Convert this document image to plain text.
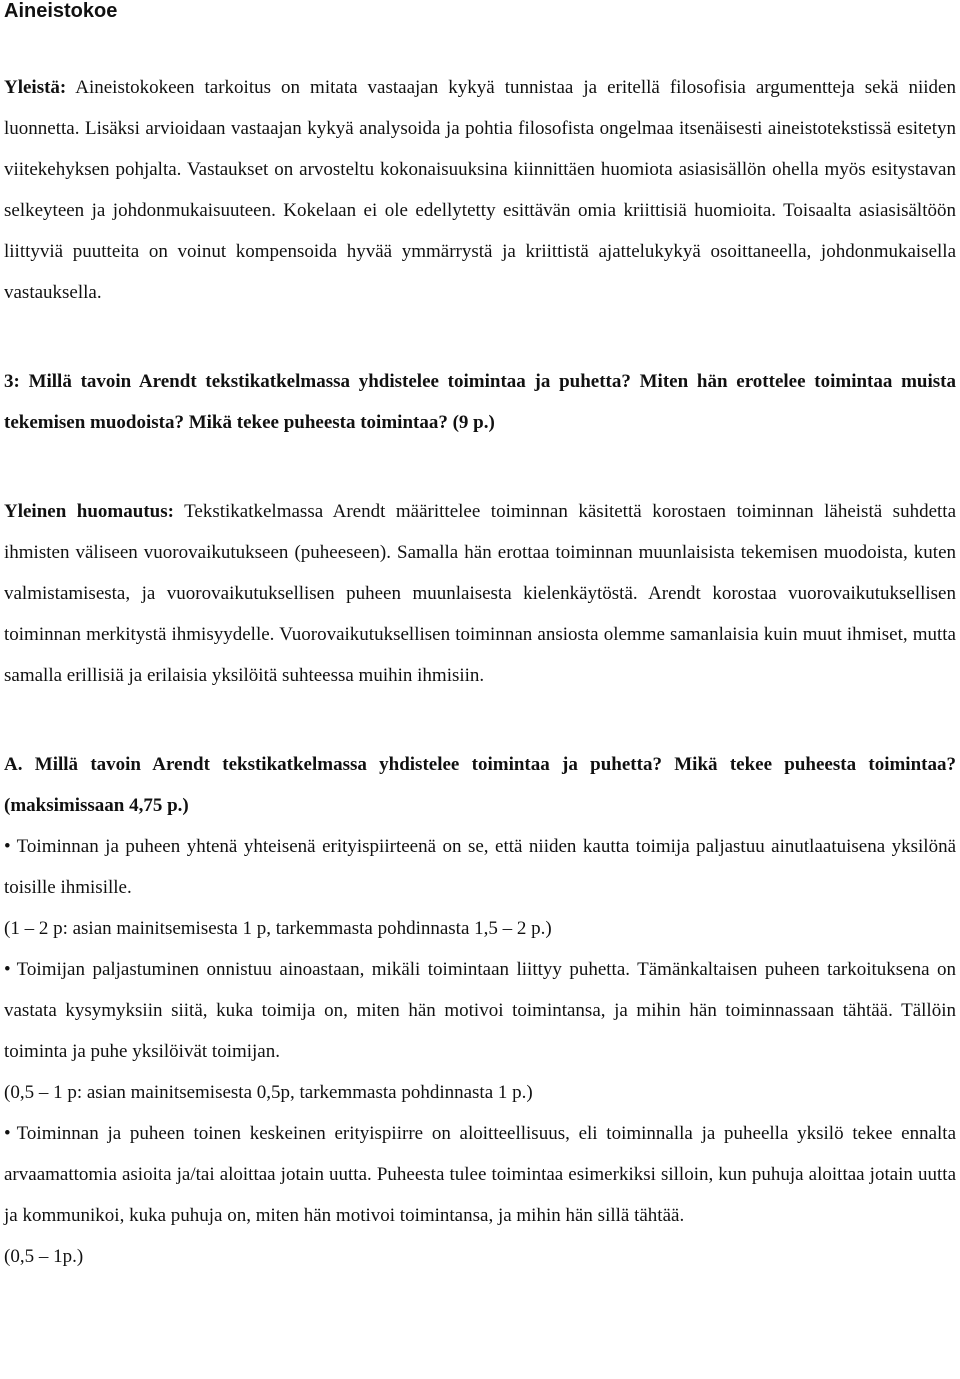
Aineistokoe

Yleistä: Aineistokokeen tarkoitus on mitata vastaajan kykyä tunnistaa ja eritellä filosofisia argumentteja sekä niiden luonnetta. Lisäksi arvioidaan vastaajan kykyä analysoida ja pohtia filosofista ongelmaa itsenäisesti aineistotekstissä esitetyn viitekehyksen pohjalta. Vastaukset on arvosteltu kokonaisuuksina kiinnittäen huomiota asiasisällön ohella myös esitystavan selkeyteen ja johdonmukaisuuteen. Kokelaan ei ole edellytetty esittävän omia kriittisiä huomioita. Toisaalta asiasisältöön liittyviä puutteita on voinut kompensoida hyvää ymmärrystä ja kriittistä ajattelukykyä osoittaneella, johdonmukaisella vastauksella.

3: Millä tavoin Arendt tekstikatkelmassa yhdistelee toimintaa ja puhetta? Miten hän erottelee toimintaa muista tekemisen muodoista? Mikä tekee puheesta toimintaa? (9 p.)

Yleinen huomautus: Tekstikatkelmassa Arendt määrittelee toiminnan käsitettä korostaen toiminnan läheistä suhdetta ihmisten väliseen vuorovaikutukseen (puheeseen). Samalla hän erottaa toiminnan muunlaisista tekemisen muodoista, kuten valmistamisesta, ja vuorovaikutuksellisen puheen muunlaisesta kielenkäytöstä. Arendt korostaa vuorovaikutuksellisen toiminnan merkitystä ihmisyydelle. Vuorovaikutuksellisen toiminnan ansiosta olemme samanlaisia kuin muut ihmiset, mutta samalla erillisiä ja erilaisia yksilöitä suhteessa muihin ihmisiin.

A. Millä tavoin Arendt tekstikatkelmassa yhdistelee toimintaa ja puhetta? Mikä tekee puheesta toimintaa? (maksimissaan 4,75 p.)

• Toiminnan ja puheen yhtenä yhteisenä erityispiirteenä on se, että niiden kautta toimija paljastuu ainutlaatuisena yksilönä toisille ihmisille.

(1 – 2 p: asian mainitsemisesta 1 p, tarkemmasta pohdinnasta 1,5 – 2 p.)

• Toimijan paljastuminen onnistuu ainoastaan, mikäli toimintaan liittyy puhetta. Tämänkaltaisen puheen tarkoituksena on vastata kysymyksiin siitä, kuka toimija on, miten hän motivoi toimintansa, ja mihin hän toiminnassaan tähtää. Tällöin toiminta ja puhe yksilöivät toimijan.

(0,5 – 1 p: asian mainitsemisesta 0,5p, tarkemmasta pohdinnasta 1 p.)

• Toiminnan ja puheen toinen keskeinen erityispiirre on aloitteellisuus, eli toiminnalla ja puheella yksilö tekee ennalta arvaamattomia asioita ja/tai aloittaa jotain uutta. Puheesta tulee toimintaa esimerkiksi silloin, kun puhuja aloittaa jotain uutta ja kommunikoi, kuka puhuja on, miten hän motivoi toimintansa, ja mihin hän sillä tähtää.

(0,5 – 1p.)
